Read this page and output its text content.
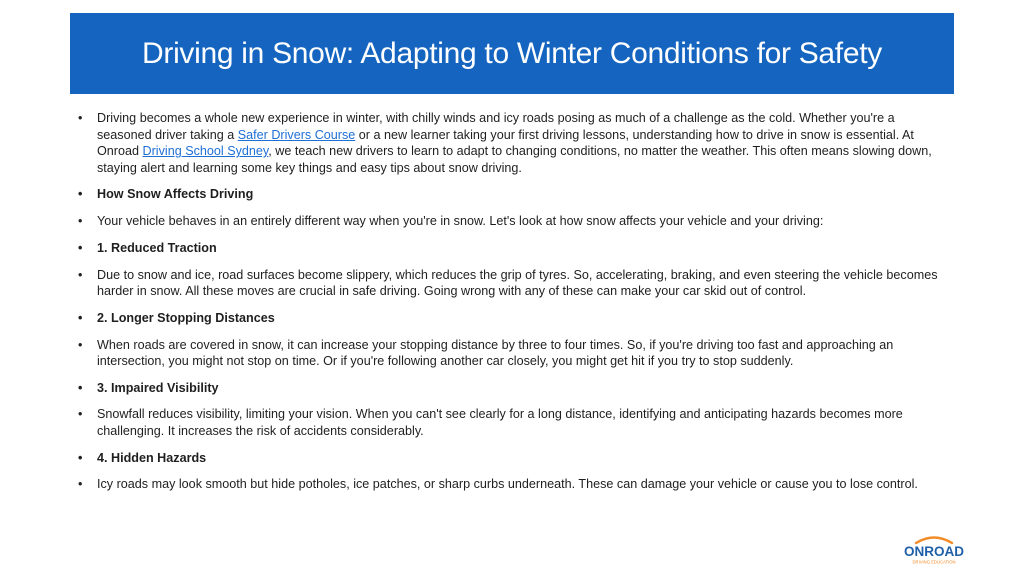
Driving in Snow: Adapting to Winter Conditions for Safety
• Driving becomes a whole new experience in winter, with chilly winds and icy roads posing as much of a challenge as the cold. Whether you're a seasoned driver taking a Safer Drivers Course or a new learner taking your first driving lessons, understanding how to drive in snow is essential. At Onroad Driving School Sydney, we teach new drivers to learn to adapt to changing conditions, no matter the weather. This often means slowing down, staying alert and learning some key things and easy tips about snow driving.
• How Snow Affects Driving
• Your vehicle behaves in an entirely different way when you're in snow. Let's look at how snow affects your vehicle and your driving:
• 1. Reduced Traction
• Due to snow and ice, road surfaces become slippery, which reduces the grip of tyres. So, accelerating, braking, and even steering the vehicle becomes harder in snow. All these moves are crucial in safe driving. Going wrong with any of these can make your car skid out of control.
• 2. Longer Stopping Distances
• When roads are covered in snow, it can increase your stopping distance by three to four times. So, if you're driving too fast and approaching an intersection, you might not stop on time. Or if you're following another car closely, you might get hit if you try to stop suddenly.
• 3. Impaired Visibility
• Snowfall reduces visibility, limiting your vision. When you can't see clearly for a long distance, identifying and anticipating hazards becomes more challenging. It increases the risk of accidents considerably.
• 4. Hidden Hazards
• Icy roads may look smooth but hide potholes, ice patches, or sharp curbs underneath. These can damage your vehicle or cause you to lose control.
ONROAD
DRIVING EDUCATION
